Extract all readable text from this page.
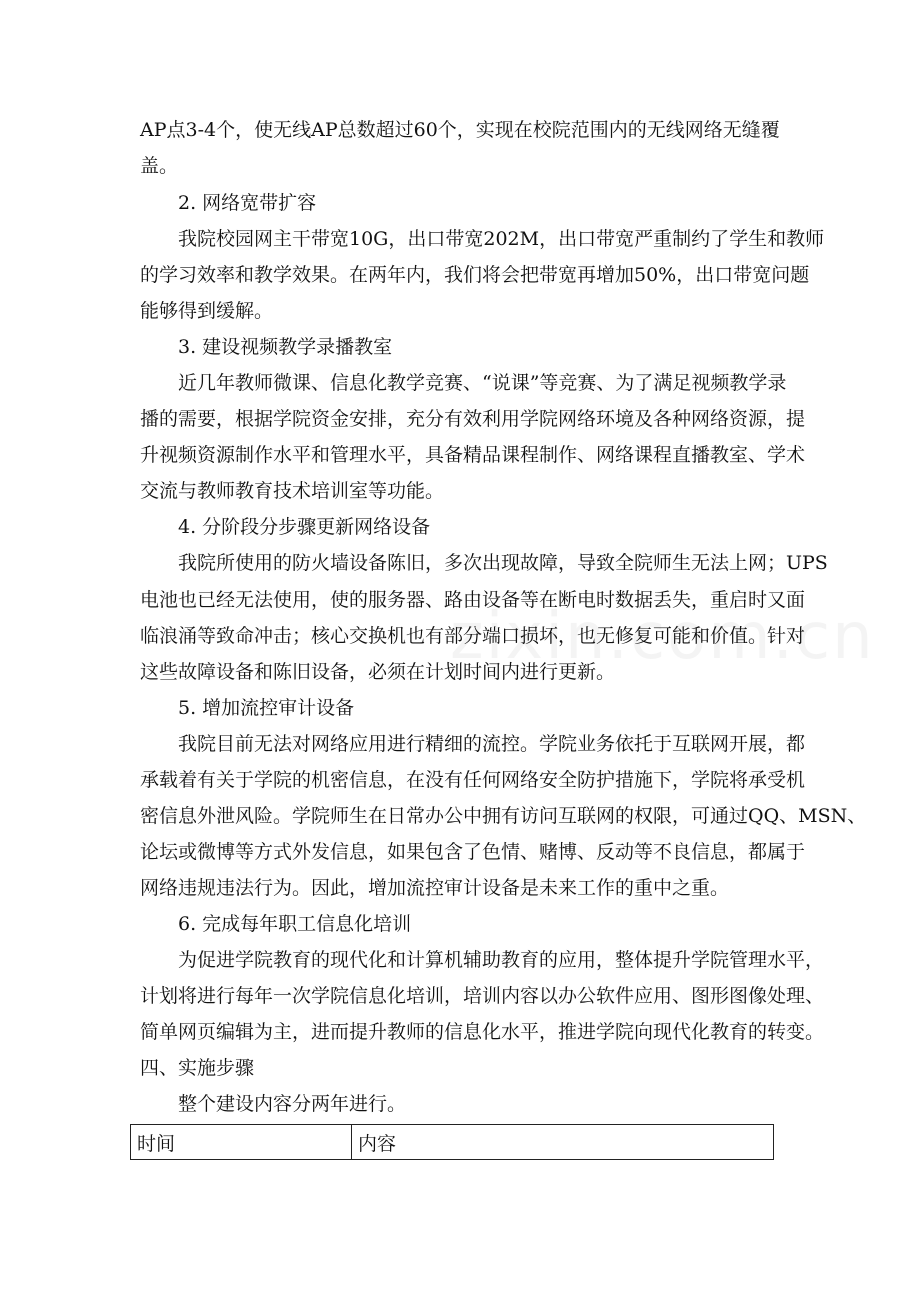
AP点3-4个，使无线AP总数超过60个，实现在校院范围内的无线网络无缝覆
盖。
2. 网络宽带扩容
我院校园网主干带宽10G，出口带宽202M，出口带宽严重制约了学生和教师
的学习效率和教学效果。在两年内，我们将会把带宽再增加50%，出口带宽问题
能够得到缓解。
3. 建设视频教学录播教室
近几年教师微课、信息化教学竞赛、“说课”等竞赛、为了满足视频教学录
播的需要，根据学院资金安排，充分有效利用学院网络环境及各种网络资源，提
升视频资源制作水平和管理水平，具备精品课程制作、网络课程直播教室、学术
交流与教师教育技术培训室等功能。
4. 分阶段分步骤更新网络设备
我院所使用的防火墙设备陈旧，多次出现故障，导致全院师生无法上网；UPS
电池也已经无法使用，使的服务器、路由设备等在断电时数据丢失，重启时又面
临浪涌等致命冲击；核心交换机也有部分端口损坏，也无修复可能和价值。针对
这些故障设备和陈旧设备，必须在计划时间内进行更新。
5. 增加流控审计设备
我院目前无法对网络应用进行精细的流控。学院业务依托于互联网开展，都
承载着有关于学院的机密信息，在没有任何网络安全防护措施下，学院将承受机
密信息外泄风险。学院师生在日常办公中拥有访问互联网的权限，可通过QQ、MSN、
论坛或微博等方式外发信息，如果包含了色情、赌博、反动等不良信息，都属于
网络违规违法行为。因此，增加流控审计设备是未来工作的重中之重。
6. 完成每年职工信息化培训
为促进学院教育的现代化和计算机辅助教育的应用，整体提升学院管理水平，
计划将进行每年一次学院信息化培训，培训内容以办公软件应用、图形图像处理、
简单网页编辑为主，进而提升教师的信息化水平，推进学院向现代化教育的转变。
四、实施步骤
整个建设内容分两年进行。
时间	内容
